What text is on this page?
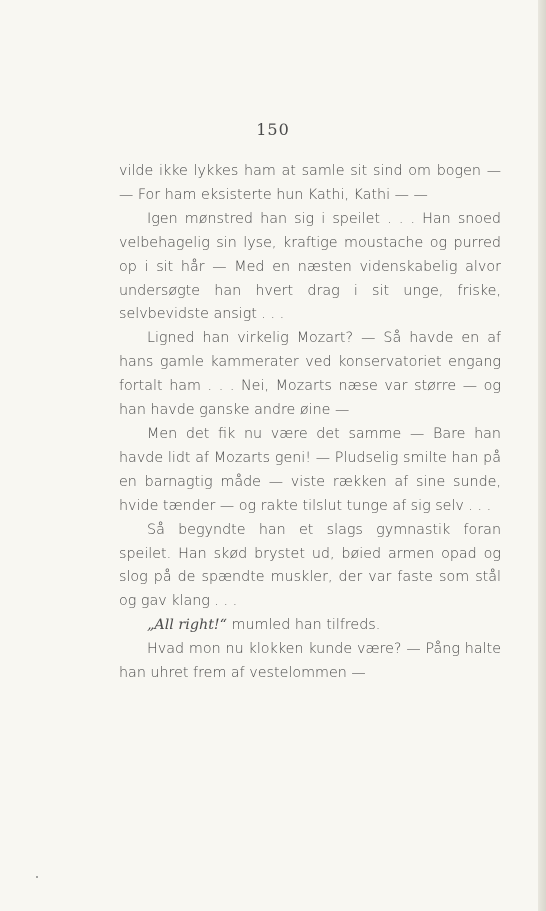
150

vilde ikke lykkes ham at samle sit sind om bogen — — For ham eksisterte hun Kathi, Kathi — —

Igen mønstred han sig i speilet . . . Han snoed velbehagelig sin lyse, kraftige moustache og purred op i sit hår — Med en næsten videnskabelig alvor undersøgte han hvert drag i sit unge, friske, selvbevidste ansigt . . .

Ligned han virkelig Mozart? — Så havde en af hans gamle kammerater ved konservatoriet engang fortalt ham . . . Nei, Mozarts næse var større — og han havde ganske andre øine —

Men det fik nu være det samme — Bare han havde lidt af Mozarts geni! — Pludselig smilte han på en barnagtig måde — viste rækken af sine sunde, hvide tænder — og rakte tilslut tunge af sig selv . . .

Så begyndte han et slags gymnastik foran speilet. Han skød brystet ud, bøied armen opad og slog på de spændte muskler, der var faste som stål og gav klang . . .

„All right!“ mumled han tilfreds.

Hvad mon nu klokken kunde være? — Pång halte han uhret frem af vestelommen —
